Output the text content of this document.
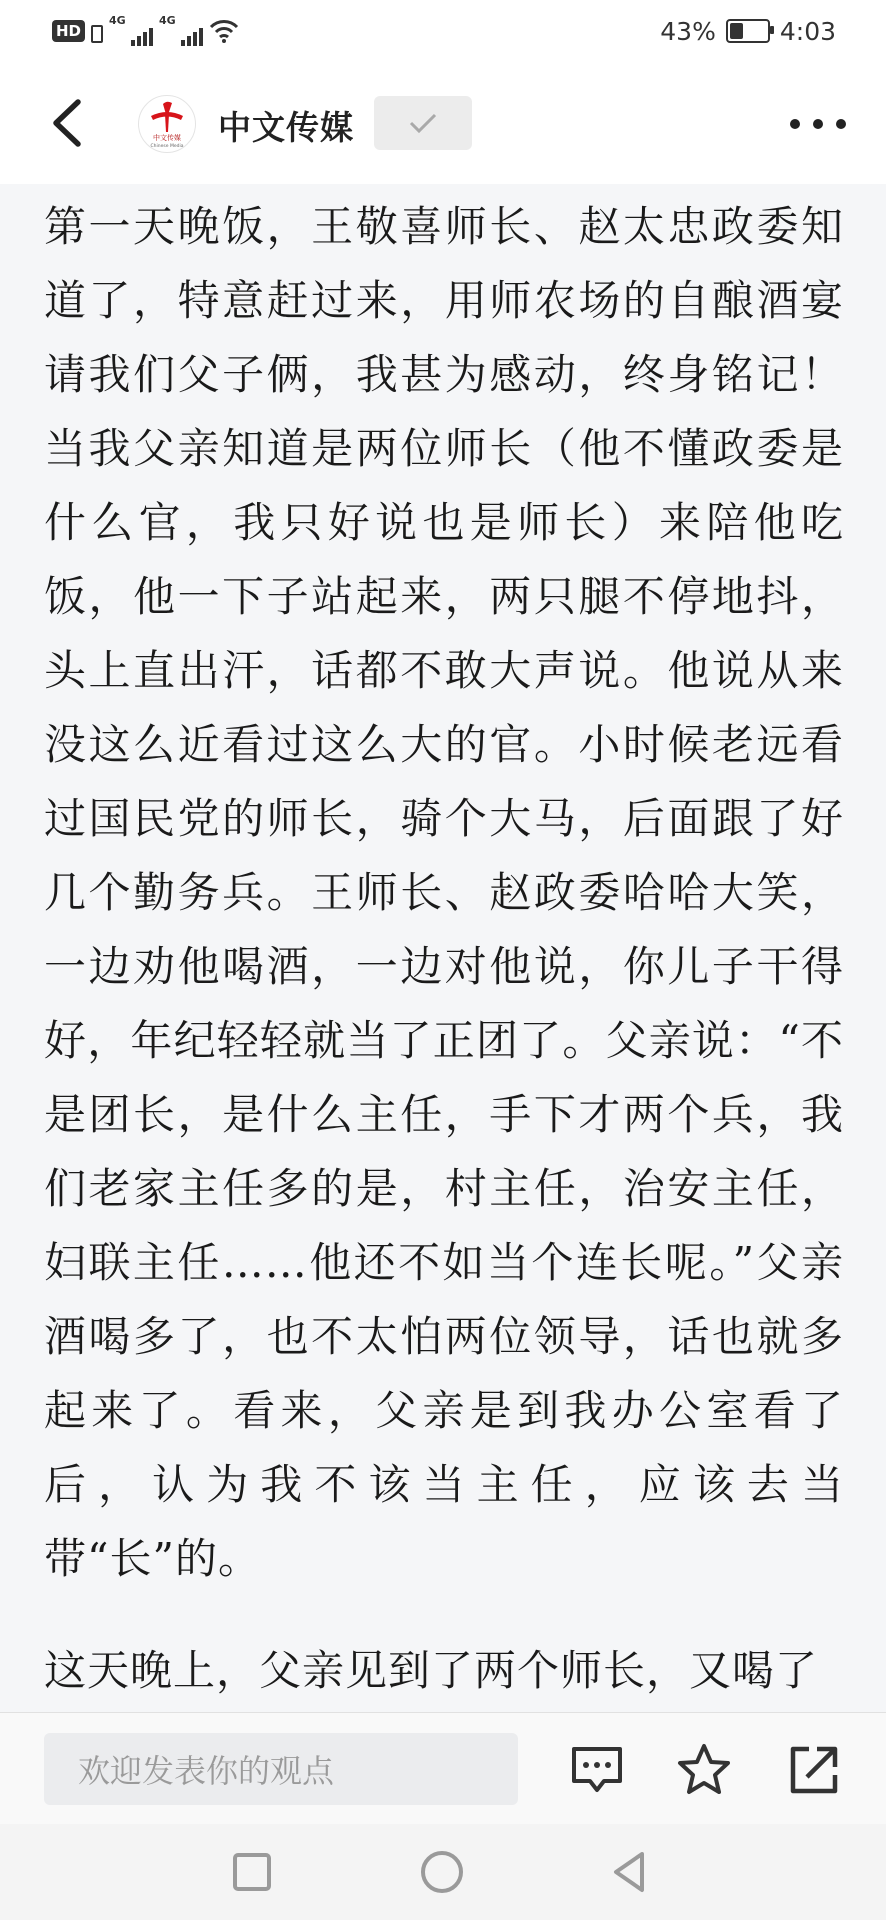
HD
4G	4G	43%	4:03
中文传媒
Chinese Media 中文传媒

第一天晚饭，王敬喜师长、赵太忠政委知道了，特意赶过来，用师农场的自酿酒宴请我们父子俩，我甚为感动，终身铭记！当我父亲知道是两位师长（他不懂政委是什么官，我只好说也是师长）来陪他吃饭，他一下子站起来，两只腿不停地抖，头上直出汗，话都不敢大声说。他说从来没这么近看过这么大的官。小时候老远看过国民党的师长，骑个大马，后面跟了好几个勤务兵。王师长、赵政委哈哈大笑，一边劝他喝酒，一边对他说，你儿子干得好，年纪轻轻就当了正团了。父亲说：“不是团长，是什么主任，手下才两个兵，我们老家主任多的是，村主任，治安主任，妇联主任……他还不如当个连长呢。”父亲酒喝多了，也不太怕两位领导，话也就多起来了。看来，父亲是到我办公室看了后，认为我不该当主任，应该去当带“长”的。

这天晚上，父亲见到了两个师长，又喝了

欢迎发表你的观点
